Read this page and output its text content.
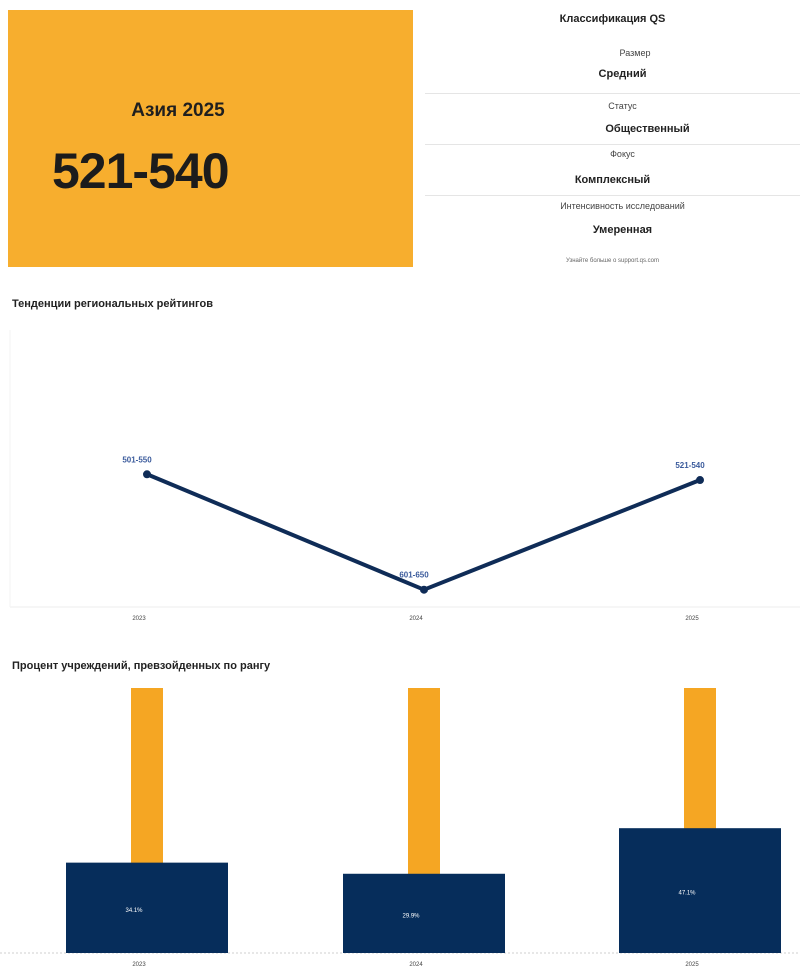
Азия 2025
521-540
Классификация QS
Размер
Средний
Статус
Общественный
Фокус
Комплексный
Интенсивность исследований
Умеренная
Узнайте больше о support.qs.com
Тенденции региональных рейтингов
501-550
2023
601-650
2024
521-540
2025
Процент учреждений, превзойденных по рангу
34.1%
2023
29.9%
2024
47.1%
2025
